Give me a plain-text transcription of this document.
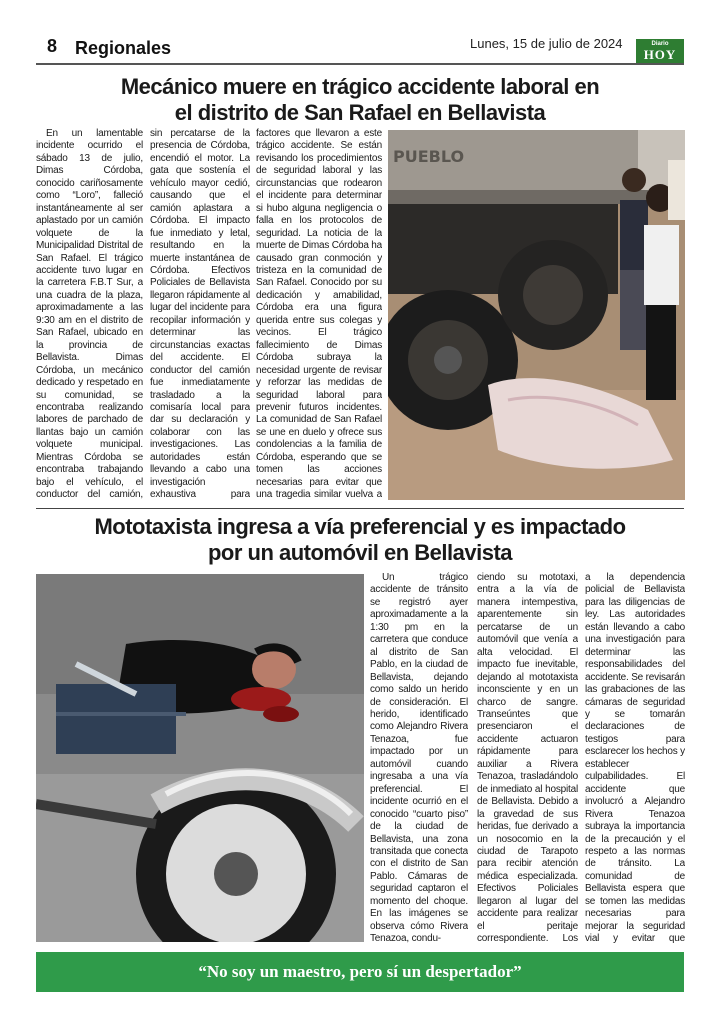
8 Regionales	Lunes, 15 de julio de 2024	Diario
HOY
Mecánico muere en trágico accidente laboral en
el distrito de San Rafael en Bellavista
En un lamentable incidente ocurrido el sábado 13 de julio, Dimas Córdoba, conocido cariñosamente como “Loro”, falleció instantáneamente al ser aplastado por un camión volquete de la Municipalidad Distrital de San Rafael. El trágico accidente tuvo lugar en la carretera F.B.T Sur, a una cuadra de la plaza, aproximadamente a las 9:30 am en el distrito de San Rafael, ubicado en la provincia de Bellavista. Dimas Córdoba, un mecánico dedicado y respetado en su comunidad, se encontraba realizando labores de parchado de llantas bajo un camión volquete municipal. Mientras Córdoba se encontraba trabajando bajo el vehículo, el conductor del camión,
sin percatarse de la presencia de Córdoba, encendió el motor. La gata que sostenía el vehículo mayor cedió, causando que el camión aplastara a Córdoba. El impacto fue inmediato y letal, resultando en la muerte instantánea de Córdoba. Efectivos Policiales de Bellavista llegaron rápidamente al lugar del incidente para recopilar información y determinar las circunstancias exactas del accidente. El conductor del camión fue inmediatamente trasladado a la comisaría local para dar su declaración y colaborar con las investigaciones. Las autoridades están llevando a cabo una investigación exhaustiva para
factores que llevaron a este trágico accidente. Se están revisando los procedimientos de seguridad laboral y las circunstancias que rodearon el incidente para determinar si hubo alguna negligencia o falla en los protocolos de seguridad. La noticia de la muerte de Dimas Córdoba ha causado gran conmoción y tristeza en la comunidad de San Rafael. Conocido por su dedicación y amabilidad, Córdoba era una figura querida entre sus colegas y vecinos. El trágico fallecimiento de Dimas Córdoba subraya la necesidad urgente de revisar y reforzar las medidas de seguridad laboral para prevenir futuros incidentes. La comunidad de San Rafael se une en duelo y ofrece sus condolencias a la familia de Córdoba, esperando que se tomen las acciones necesarias para evitar que una tragedia similar vuelva a
PUEBLO
Mototaxista ingresa a vía preferencial y es impactado
por un automóvil en Bellavista
Un trágico accidente de tránsito se registró ayer aproximadamente a la 1:30 pm en la carretera que conduce al distrito de San Pablo, en la ciudad de Bellavista, dejando como saldo un herido de consideración. El herido, identificado como Alejandro Rivera Tenazoa, fue impactado por un automóvil cuando ingresaba a una vía preferencial. El incidente ocurrió en el conocido “cuarto piso” de la ciudad de Bellavista, una zona transitada que conecta con el distrito de San Pablo. Cámaras de seguridad captaron el momento del choque. En las imágenes se observa cómo Rivera Tenazoa, condu-
ciendo su mototaxi, entra a la vía de manera intempestiva, aparentemente sin percatarse de un automóvil que venía a alta velocidad. El impacto fue inevitable, dejando al mototaxista inconsciente y en un charco de sangre. Transeúntes que presenciaron el accidente actuaron rápidamente para auxiliar a Rivera Tenazoa, trasladándolo de inmediato al hospital de Bellavista. Debido a la gravedad de sus heridas, fue derivado a un nosocomio en la ciudad de Tarapoto para recibir atención médica especializada. Efectivos Policiales llegaron al lugar del accidente para realizar el peritaje correspondiente. Los
a la dependencia policial de Bellavista para las diligencias de ley. Las autoridades están llevando a cabo una investigación para determinar las responsabilidades del accidente. Se revisarán las grabaciones de las cámaras de seguridad y se tomarán declaraciones de testigos para esclarecer los hechos y establecer culpabilidades. El accidente que involucró a Alejandro Rivera Tenazoa subraya la importancia de la precaución y el respeto a las normas de tránsito. La comunidad de Bellavista espera que se tomen las medidas necesarias para mejorar la seguridad vial y evitar que
“No soy un maestro, pero sí un despertador”
